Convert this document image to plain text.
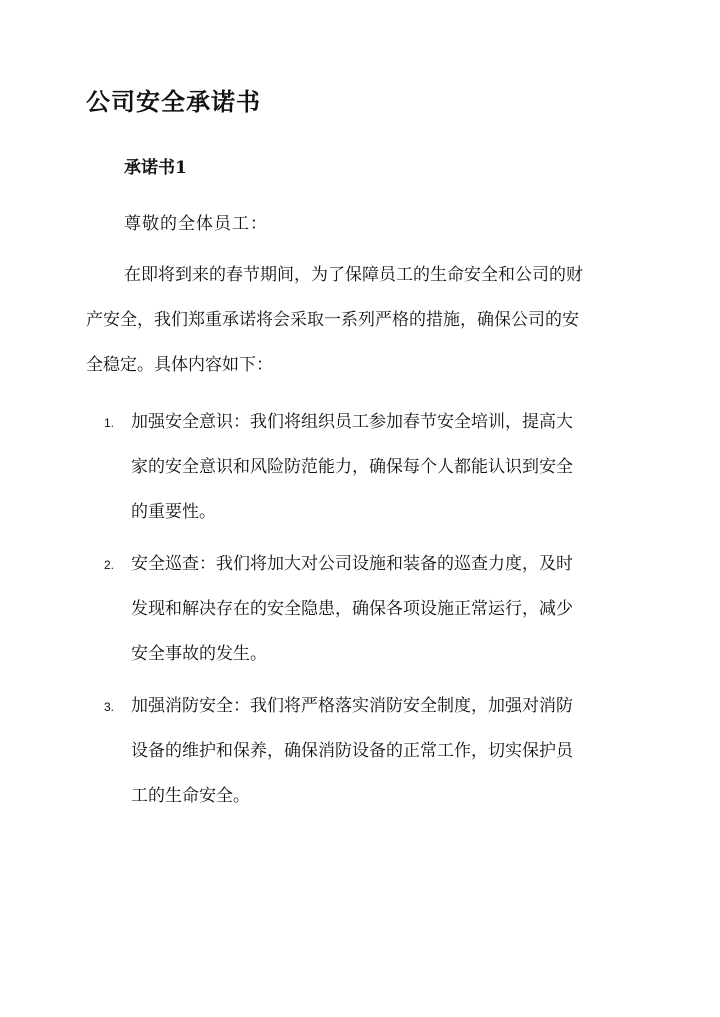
公司安全承诺书
承诺书1
尊敬的全体员工：
在即将到来的春节期间，为了保障员工的生命安全和公司的财
产安全，我们郑重承诺将会采取一系列严格的措施，确保公司的安
全稳定。具体内容如下：
1. 加强安全意识：我们将组织员工参加春节安全培训，提高大
家的安全意识和风险防范能力，确保每个人都能认识到安全
的重要性。
2. 安全巡查：我们将加大对公司设施和装备的巡查力度，及时
发现和解决存在的安全隐患，确保各项设施正常运行，减少
安全事故的发生。
3. 加强消防安全：我们将严格落实消防安全制度，加强对消防
设备的维护和保养，确保消防设备的正常工作，切实保护员
工的生命安全。
